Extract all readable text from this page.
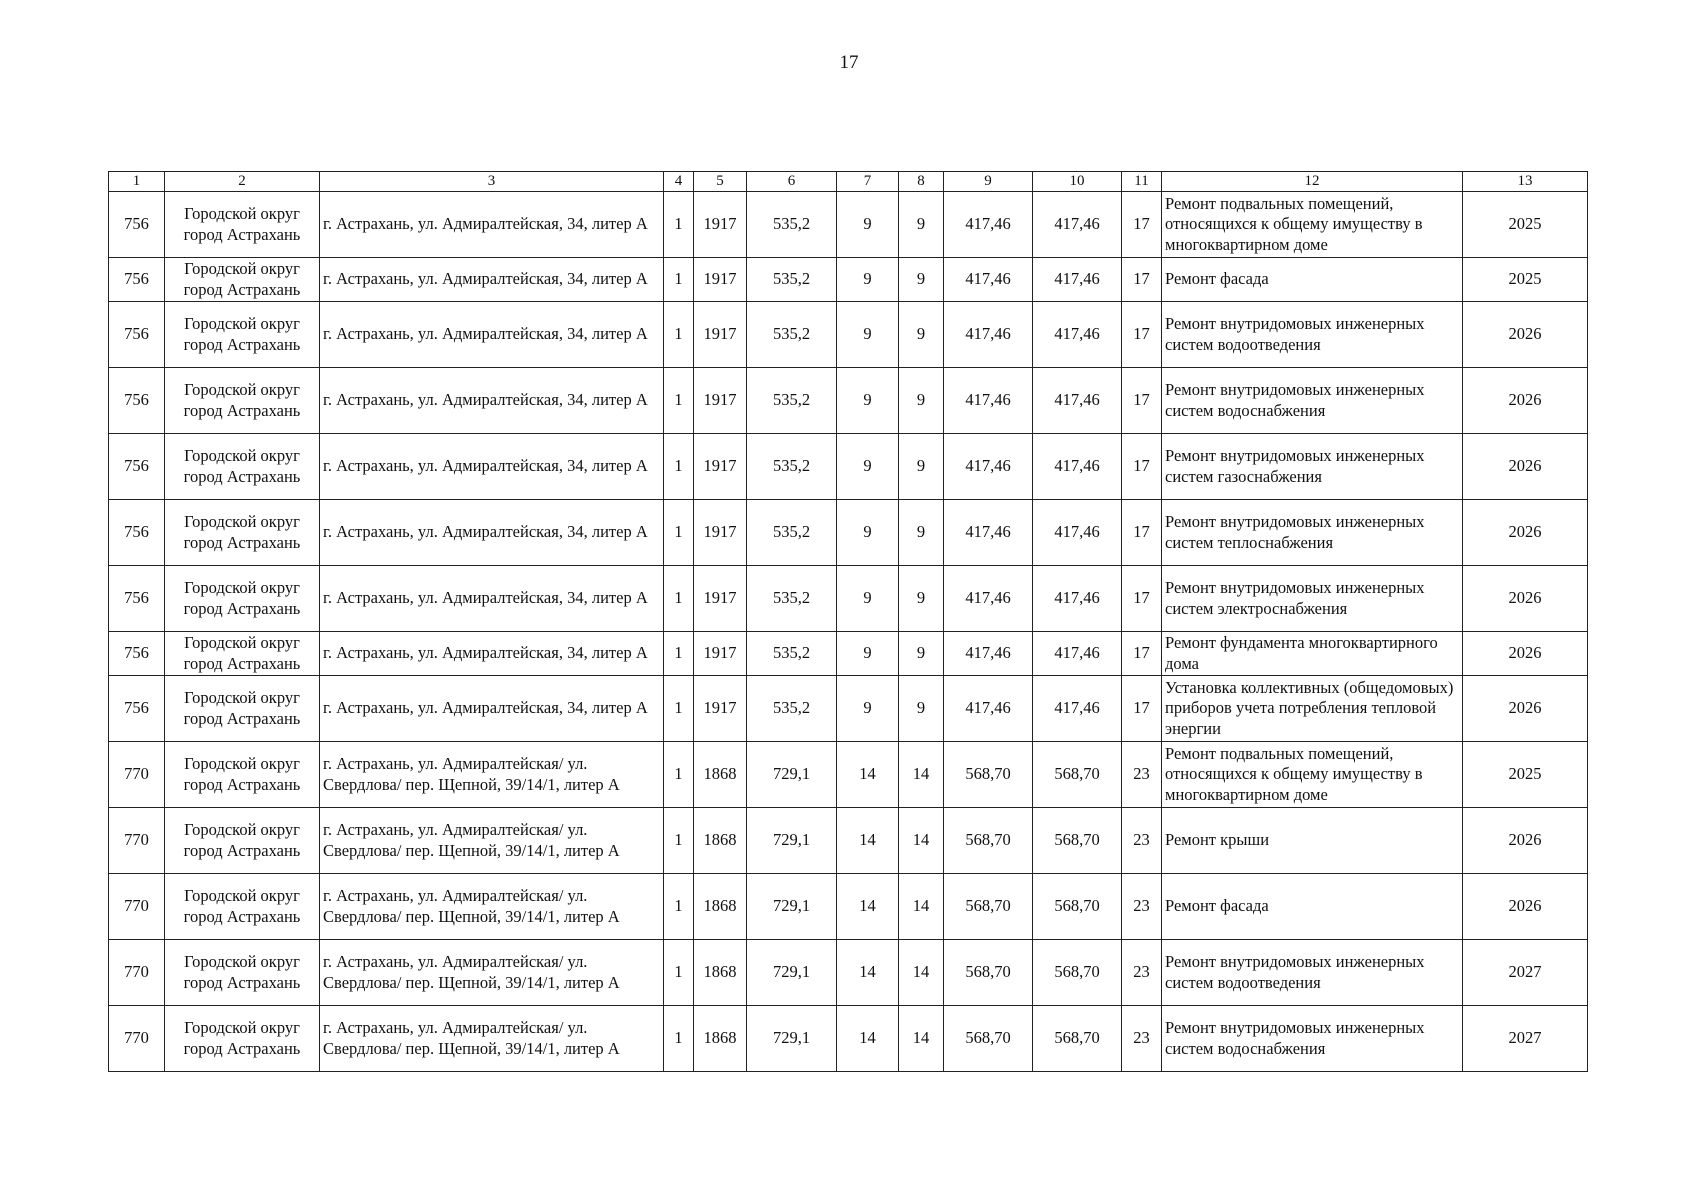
17
1	2	3	4	5	6	7	8	9	10	11	12	13
756	Городской округ город Астрахань	г. Астрахань, ул. Адмиралтейская, 34, литер А	1	1917	535,2	9	9	417,46	417,46	17	Ремонт подвальных помещений, относящихся к общему имуществу в многоквартирном доме	2025
756	Городской округ город Астрахань	г. Астрахань, ул. Адмиралтейская, 34, литер А	1	1917	535,2	9	9	417,46	417,46	17	Ремонт фасада	2025
756	Городской округ город Астрахань	г. Астрахань, ул. Адмиралтейская, 34, литер А	1	1917	535,2	9	9	417,46	417,46	17	Ремонт внутридомовых инженерных систем водоотведения	2026
756	Городской округ город Астрахань	г. Астрахань, ул. Адмиралтейская, 34, литер А	1	1917	535,2	9	9	417,46	417,46	17	Ремонт внутридомовых инженерных систем водоснабжения	2026
756	Городской округ город Астрахань	г. Астрахань, ул. Адмиралтейская, 34, литер А	1	1917	535,2	9	9	417,46	417,46	17	Ремонт внутридомовых инженерных систем газоснабжения	2026
756	Городской округ город Астрахань	г. Астрахань, ул. Адмиралтейская, 34, литер А	1	1917	535,2	9	9	417,46	417,46	17	Ремонт внутридомовых инженерных систем теплоснабжения	2026
756	Городской округ город Астрахань	г. Астрахань, ул. Адмиралтейская, 34, литер А	1	1917	535,2	9	9	417,46	417,46	17	Ремонт внутридомовых инженерных систем электроснабжения	2026
756	Городской округ город Астрахань	г. Астрахань, ул. Адмиралтейская, 34, литер А	1	1917	535,2	9	9	417,46	417,46	17	Ремонт фундамента многоквартирного дома	2026
756	Городской округ город Астрахань	г. Астрахань, ул. Адмиралтейская, 34, литер А	1	1917	535,2	9	9	417,46	417,46	17	Установка коллективных (общедомовых) приборов учета потребления тепловой энергии	2026
770	Городской округ город Астрахань	г. Астрахань, ул. Адмиралтейская/ ул. Свердлова/ пер. Щепной, 39/14/1, литер А	1	1868	729,1	14	14	568,70	568,70	23	Ремонт подвальных помещений, относящихся к общему имуществу в многоквартирном доме	2025
770	Городской округ город Астрахань	г. Астрахань, ул. Адмиралтейская/ ул. Свердлова/ пер. Щепной, 39/14/1, литер А	1	1868	729,1	14	14	568,70	568,70	23	Ремонт крыши	2026
770	Городской округ город Астрахань	г. Астрахань, ул. Адмиралтейская/ ул. Свердлова/ пер. Щепной, 39/14/1, литер А	1	1868	729,1	14	14	568,70	568,70	23	Ремонт фасада	2026
770	Городской округ город Астрахань	г. Астрахань, ул. Адмиралтейская/ ул. Свердлова/ пер. Щепной, 39/14/1, литер А	1	1868	729,1	14	14	568,70	568,70	23	Ремонт внутридомовых инженерных систем водоотведения	2027
770	Городской округ город Астрахань	г. Астрахань, ул. Адмиралтейская/ ул. Свердлова/ пер. Щепной, 39/14/1, литер А	1	1868	729,1	14	14	568,70	568,70	23	Ремонт внутридомовых инженерных систем водоснабжения	2027
